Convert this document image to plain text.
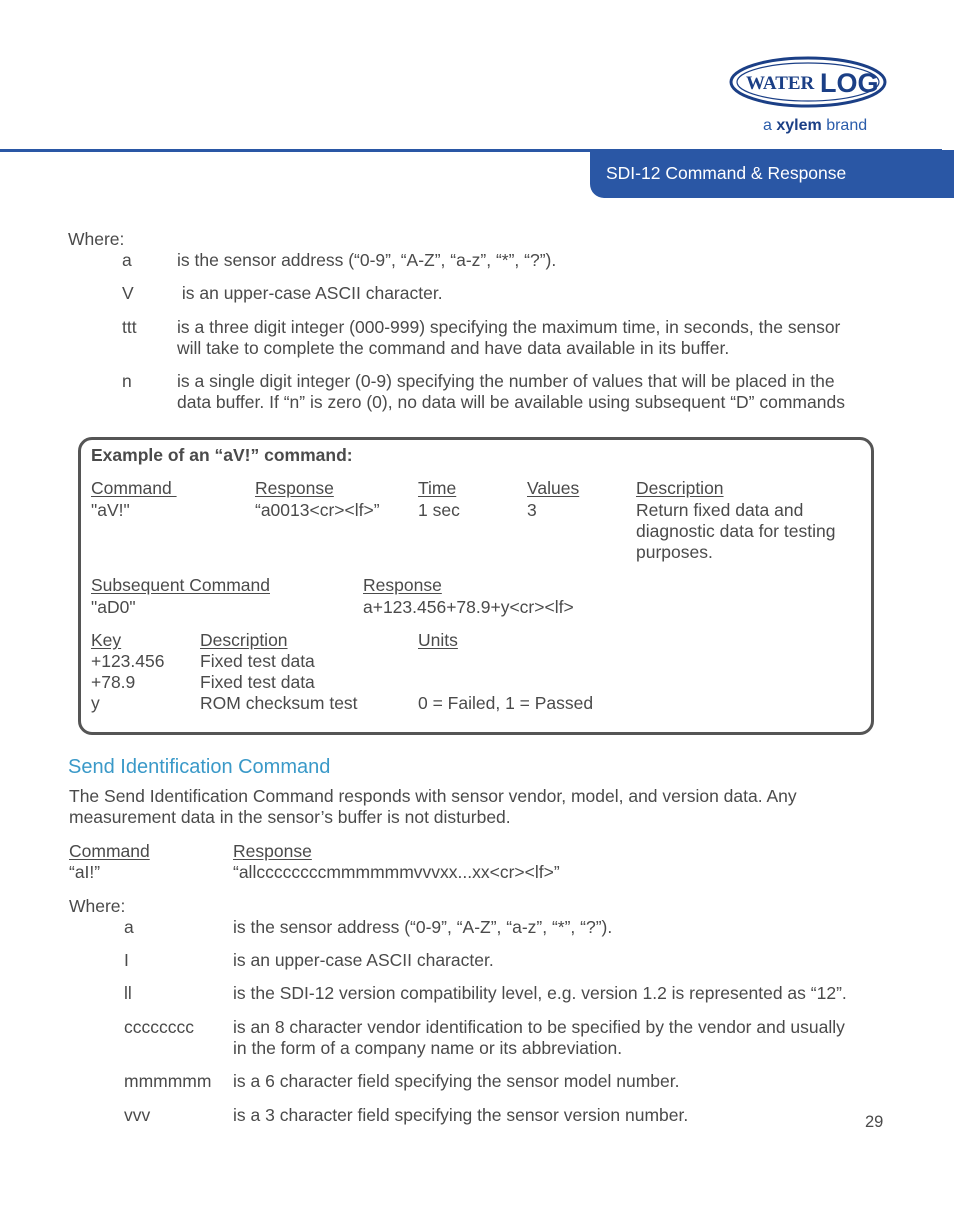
WATER LOG
a xylem brand
SDI-12 Command & Response
Where:
a	is the sensor address (“0-9”, “A-Z”, “a-z”, “*”, “?”).
V is an upper-case ASCII character.
ttt is a three digit integer (000-999) specifying the maximum time, in seconds, the sensor
will take to complete the command and have data available in its buffer.
n	is a single digit integer (0-9) specifying the number of values that will be placed in the
data buffer. If “n” is zero (0), no data will be available using subsequent “D” commands
Example of an “aV!” command:
Command	Response	Time	Values	Description
"aV!"	“a0013<cr><lf>” 1 sec	3	Return fixed data and
diagnostic data for testing
purposes.
Subsequent Command	Response
"aD0"	a+123.456+78.9+y<cr><lf>
Key	Description	Units
+123.456 Fixed test data
+78.9	Fixed test data
y	ROM checksum test	0 = Failed, 1 = Passed
Send Identification Command
The Send Identification Command responds with sensor vendor, model, and version data. Any
measurement data in the sensor’s buffer is not disturbed.
Command	Response
“aI!”	“allccccccccmmmmmmvvvxx...xx<cr><lf>”
Where:
a	is the sensor address (“0-9”, “A-Z”, “a-z”, “*”, “?”).
I	is an upper-case ASCII character.
ll	is the SDI-12 version compatibility level, e.g. version 1.2 is represented as “12”.
cccccccc is an 8 character vendor identification to be specified by the vendor and usually
in the form of a company name or its abbreviation.
mmmmmm is a 6 character field specifying the sensor model number.
vvv	is a 3 character field specifying the sensor version number.	29
